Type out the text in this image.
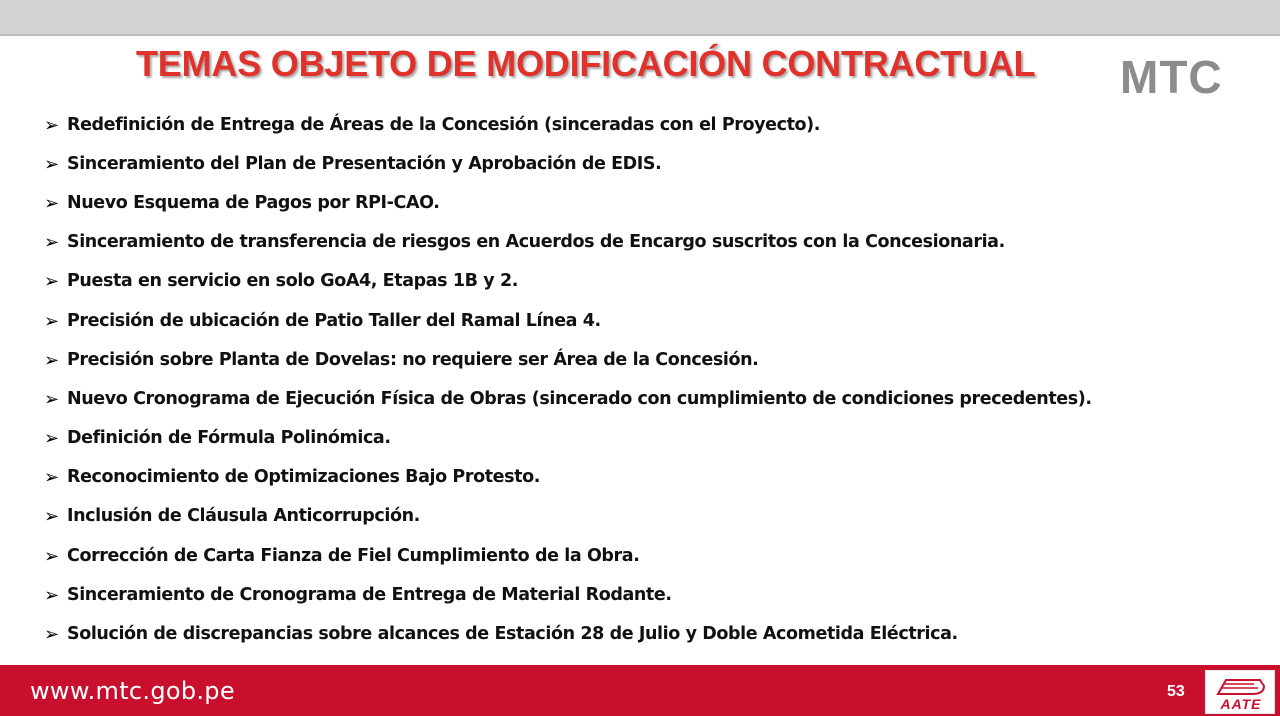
TEMAS OBJETO DE MODIFICACIÓN CONTRACTUAL MTC
➢ Redefinición de Entrega de Áreas de la Concesión (sinceradas con el Proyecto).
➢ Sinceramiento del Plan de Presentación y Aprobación de EDIS.
➢ Nuevo Esquema de Pagos por RPI-CAO.
➢ Sinceramiento de transferencia de riesgos en Acuerdos de Encargo suscritos con la Concesionaria.
➢ Puesta en servicio en solo GoA4, Etapas 1B y 2.
➢ Precisión de ubicación de Patio Taller del Ramal Línea 4.
➢ Precisión sobre Planta de Dovelas: no requiere ser Área de la Concesión.
➢ Nuevo Cronograma de Ejecución Física de Obras (sincerado con cumplimiento de condiciones precedentes).
➢ Definición de Fórmula Polinómica.
➢ Reconocimiento de Optimizaciones Bajo Protesto.
➢ Inclusión de Cláusula Anticorrupción.
➢ Corrección de Carta Fianza de Fiel Cumplimiento de la Obra.
➢ Sinceramiento de Cronograma de Entrega de Material Rodante.
➢ Solución de discrepancias sobre alcances de Estación 28 de Julio y Doble Acometida Eléctrica.
www.mtc.gob.pe	53
AATE
